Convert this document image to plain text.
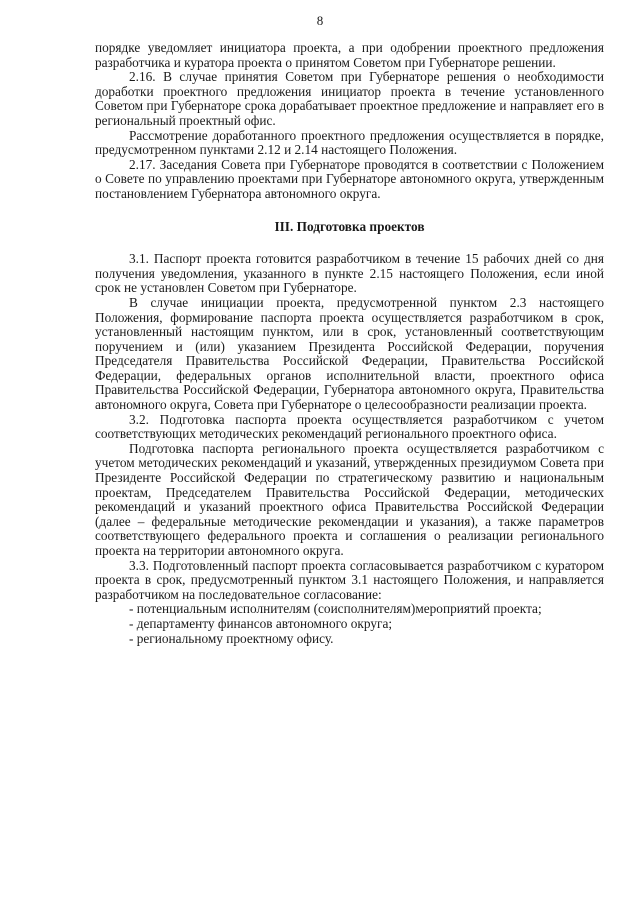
8

порядке уведомляет инициатора проекта, а при одобрении проектного предложения разработчика и куратора проекта о принятом Советом при Губернаторе решении.

2.16. В случае принятия Советом при Губернаторе решения о необходимости доработки проектного предложения инициатор проекта в течение установленного Советом при Губернаторе срока дорабатывает проектное предложение и направляет его в региональный проектный офис.

Рассмотрение доработанного проектного предложения осуществляется в порядке, предусмотренном пунктами 2.12 и 2.14 настоящего Положения.

2.17. Заседания Совета при Губернаторе проводятся в соответствии с Положением о Совете по управлению проектами при Губернаторе автономного округа, утвержденным постановлением Губернатора автономного округа.

III. Подготовка проектов

3.1. Паспорт проекта готовится разработчиком в течение 15 рабочих дней со дня получения уведомления, указанного в пункте 2.15 настоящего Положения, если иной срок не установлен Советом при Губернаторе.

В случае инициации проекта, предусмотренной пунктом 2.3 настоящего Положения, формирование паспорта проекта осуществляется разработчиком в срок, установленный настоящим пунктом, или в срок, установленный соответствующим поручением и (или) указанием Президента Российской Федерации, поручения Председателя Правительства Российской Федерации, Правительства Российской Федерации, федеральных органов исполнительной власти, проектного офиса Правительства Российской Федерации, Губернатора автономного округа, Правительства автономного округа, Совета при Губернаторе о целесообразности реализации проекта.

3.2. Подготовка паспорта проекта осуществляется разработчиком с учетом соответствующих методических рекомендаций регионального проектного офиса.

Подготовка паспорта регионального проекта осуществляется разработчиком с учетом методических рекомендаций и указаний, утвержденных президиумом Совета при Президенте Российской Федерации по стратегическому развитию и национальным проектам, Председателем Правительства Российской Федерации, методических рекомендаций и указаний проектного офиса Правительства Российской Федерации (далее – федеральные методические рекомендации и указания), а также параметров соответствующего федерального проекта и соглашения о реализации регионального проекта на территории автономного округа.

3.3. Подготовленный паспорт проекта согласовывается разработчиком с куратором проекта в срок, предусмотренный пунктом 3.1 настоящего Положения, и направляется разработчиком на последовательное согласование:

- потенциальным исполнителям (соисполнителям)мероприятий проекта;

- департаменту финансов автономного округа;

- региональному проектному офису.
